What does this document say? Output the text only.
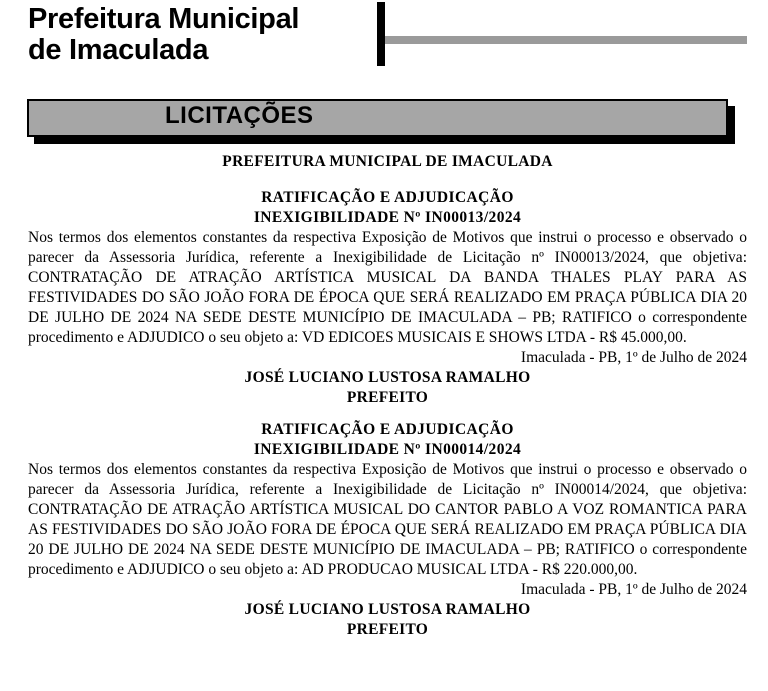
Prefeitura Municipal
de Imaculada
LICITAÇÕES
PREFEITURA MUNICIPAL DE IMACULADA
RATIFICAÇÃO E ADJUDICAÇÃO
INEXIGIBILIDADE Nº IN00013/2024
Nos termos dos elementos constantes da respectiva Exposição de Motivos que instrui o processo e observado o parecer da Assessoria Jurídica, referente a Inexigibilidade de Licitação nº IN00013/2024, que objetiva: CONTRATAÇÃO DE ATRAÇÃO ARTÍSTICA MUSICAL DA BANDA THALES PLAY PARA AS FESTIVIDADES DO SÃO JOÃO FORA DE ÉPOCA QUE SERÁ REALIZADO EM PRAÇA PÚBLICA DIA 20 DE JULHO DE 2024 NA SEDE DESTE MUNICÍPIO DE IMACULADA – PB; RATIFICO o correspondente procedimento e ADJUDICO o seu objeto a: VD EDICOES MUSICAIS E SHOWS LTDA - R$ 45.000,00.
Imaculada - PB, 1º de Julho de 2024
JOSÉ LUCIANO LUSTOSA RAMALHO
PREFEITO
RATIFICAÇÃO E ADJUDICAÇÃO
INEXIGIBILIDADE Nº IN00014/2024
Nos termos dos elementos constantes da respectiva Exposição de Motivos que instrui o processo e observado o parecer da Assessoria Jurídica, referente a Inexigibilidade de Licitação nº IN00014/2024, que objetiva: CONTRATAÇÃO DE ATRAÇÃO ARTÍSTICA MUSICAL DO CANTOR PABLO A VOZ ROMANTICA PARA AS FESTIVIDADES DO SÃO JOÃO FORA DE ÉPOCA QUE SERÁ REALIZADO EM PRAÇA PÚBLICA DIA 20 DE JULHO DE 2024 NA SEDE DESTE MUNICÍPIO DE IMACULADA – PB; RATIFICO o correspondente procedimento e ADJUDICO o seu objeto a: AD PRODUCAO MUSICAL LTDA - R$ 220.000,00.
Imaculada - PB, 1º de Julho de 2024
JOSÉ LUCIANO LUSTOSA RAMALHO
PREFEITO
